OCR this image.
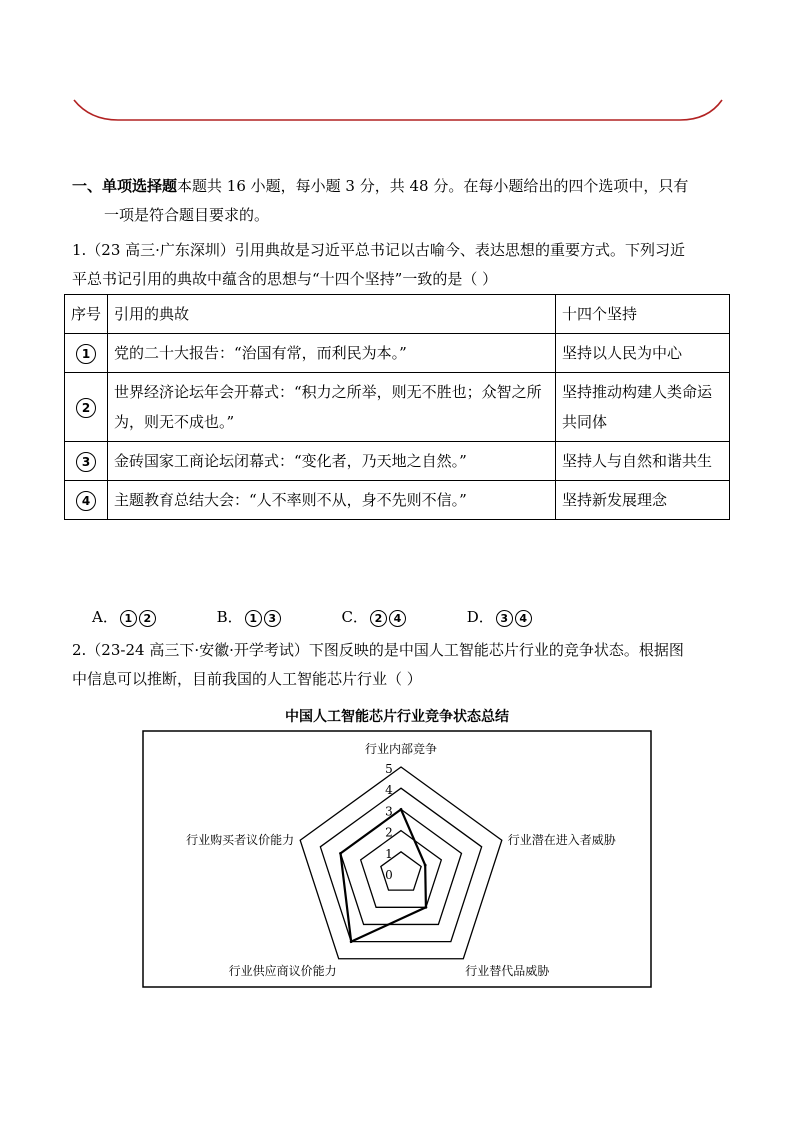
一、单项选择题本题共 16 小题，每小题 3 分，共 48 分。在每小题给出的四个选项中，只有
一项是符合题目要求的。
1.（23 高三·广东深圳）引用典故是习近平总书记以古喻今、表达思想的重要方式。下列习近
平总书记引用的典故中蕴含的思想与“十四个坚持”一致的是（ ）
序号	引用的典故	十四个坚持
1	党的二十大报告：“治国有常，而利民为本。”	坚持以人民为中心
2	世界经济论坛年会开幕式：“积力之所举，则无不胜也；众智之所为，则无不成也。”	坚持推动构建人类命运共同体
3	金砖国家工商论坛闭幕式：“变化者，乃天地之自然。”	坚持人与自然和谐共生
4	主题教育总结大会：“人不率则不从，身不先则不信。”	坚持新发展理念
A． 1 2	B． 1 3	C． 2 4	D． 3 4
2.（23-24 高三下·安徽·开学考试）下图反映的是中国人工智能芯片行业的竞争状态。根据图
中信息可以推断，目前我国的人工智能芯片行业（ ）
中国人工智能芯片行业竞争状态总结
0
1
2
3
4
5
行业内部竞争
行业潜在进入者威胁
行业替代品威胁
行业供应商议价能力
行业购买者议价能力
